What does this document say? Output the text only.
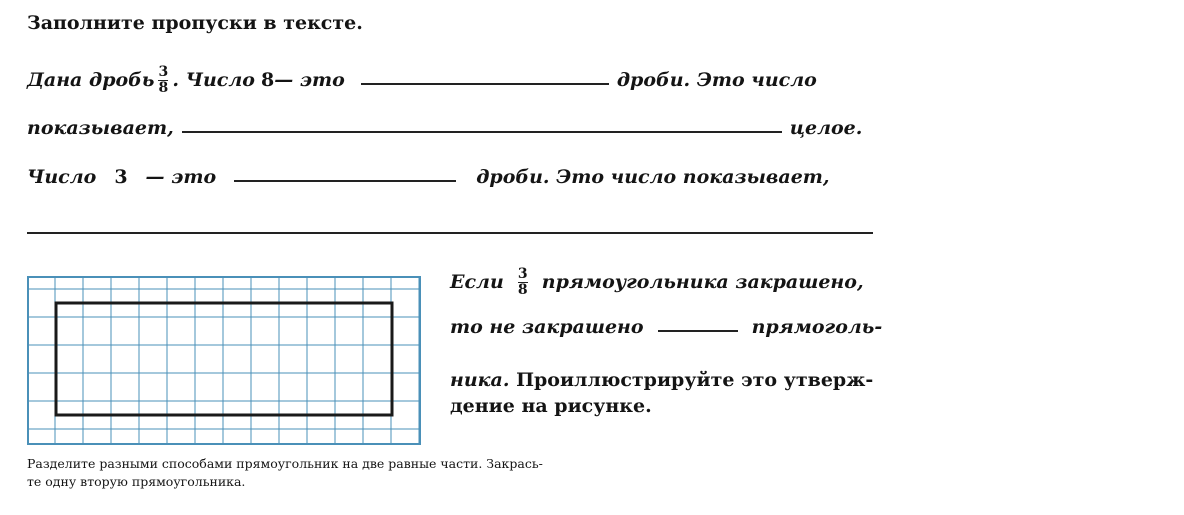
Заполните пропуски в тексте.
Дана дробь $\frac{3}{8}$ . Число 8 — это	дроби. Это число
показывает,	целое.
Число 3 — это	дроби. Это число показывает,
Если $\frac{3}{8}$ прямоугольника закрашено,
то не закрашено	прямоголь-
ника. Проиллюстрируйте это утверж-
дение на рисунке.
Разделите разными способами прямоугольник на две равные части. Закрась-
те одну вторую прямоугольника.
